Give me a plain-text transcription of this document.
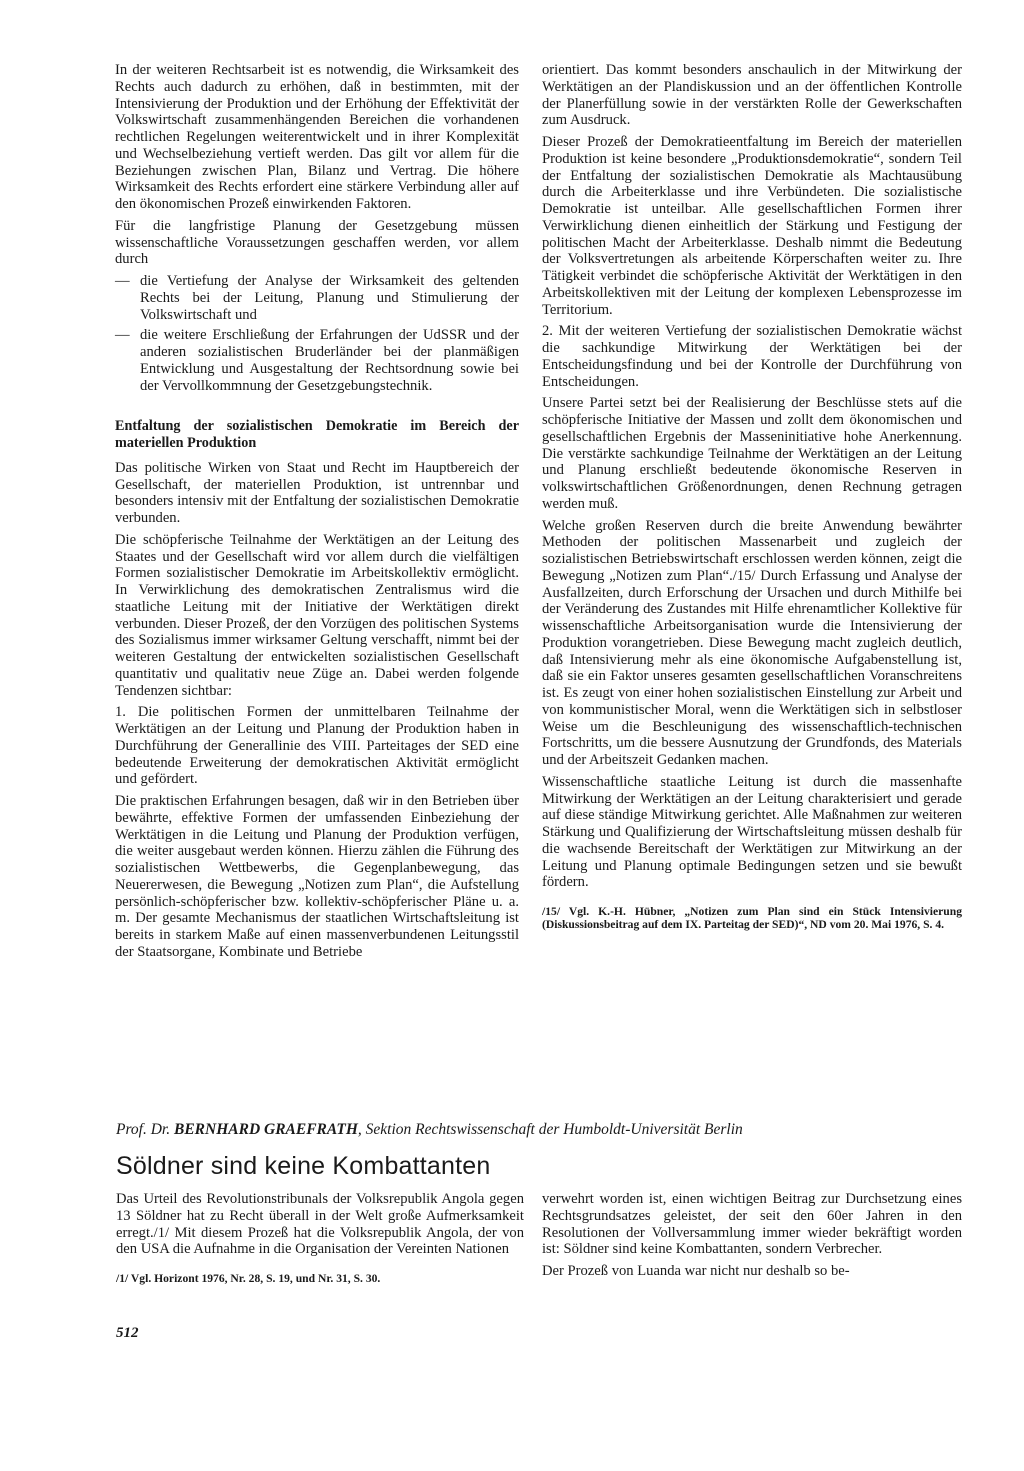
In der weiteren Rechtsarbeit ist es notwendig, die Wirksamkeit des Rechts auch dadurch zu erhöhen, daß in bestimmten, mit der Intensivierung der Produktion und der Erhöhung der Effektivität der Volkswirtschaft zusammenhängenden Bereichen die vorhandenen rechtlichen Regelungen weiterentwickelt und in ihrer Komplexität und Wechselbeziehung vertieft werden. Das gilt vor allem für die Beziehungen zwischen Plan, Bilanz und Vertrag. Die höhere Wirksamkeit des Rechts erfordert eine stärkere Verbindung aller auf den ökonomischen Prozeß einwirkenden Faktoren.

Für die langfristige Planung der Gesetzgebung müssen wissenschaftliche Voraussetzungen geschaffen werden, vor allem durch

— die Vertiefung der Analyse der Wirksamkeit des geltenden Rechts bei der Leitung, Planung und Stimulierung der Volkswirtschaft und
— die weitere Erschließung der Erfahrungen der UdSSR und der anderen sozialistischen Bruderländer bei der planmäßigen Entwicklung und Ausgestaltung der Rechtsordnung sowie bei der Vervollkommnung der Gesetzgebungstechnik.

Entfaltung der sozialistischen Demokratie im Bereich der materiellen Produktion

Das politische Wirken von Staat und Recht im Hauptbereich der Gesellschaft, der materiellen Produktion, ist untrennbar und besonders intensiv mit der Entfaltung der sozialistischen Demokratie verbunden.

Die schöpferische Teilnahme der Werktätigen an der Leitung des Staates und der Gesellschaft wird vor allem durch die vielfältigen Formen sozialistischer Demokratie im Arbeitskollektiv ermöglicht. In Verwirklichung des demokratischen Zentralismus wird die staatliche Leitung mit der Initiative der Werktätigen direkt verbunden. Dieser Prozeß, der den Vorzügen des politischen Systems des Sozialismus immer wirksamer Geltung verschafft, nimmt bei der weiteren Gestaltung der entwickelten sozialistischen Gesellschaft quantitativ und qualitativ neue Züge an. Dabei werden folgende Tendenzen sichtbar:

1. Die politischen Formen der unmittelbaren Teilnahme der Werktätigen an der Leitung und Planung der Produktion haben in Durchführung der Generallinie des VIII. Parteitages der SED eine bedeutende Erweiterung der demokratischen Aktivität ermöglicht und gefördert.

Die praktischen Erfahrungen besagen, daß wir in den Betrieben über bewährte, effektive Formen der umfassenden Einbeziehung der Werktätigen in die Leitung und Planung der Produktion verfügen, die weiter ausgebaut werden können. Hierzu zählen die Führung des sozialistischen Wettbewerbs, die Gegenplanbewegung, das Neuererwesen, die Bewegung „Notizen zum Plan“, die Aufstellung persönlich-schöpferischer bzw. kollektiv-schöpferischer Pläne u. a. m. Der gesamte Mechanismus der staatlichen Wirtschaftsleitung ist bereits in starkem Maße auf einen massenverbundenen Leitungsstil der Staatsorgane, Kombinate und Betriebe

orientiert. Das kommt besonders anschaulich in der Mitwirkung der Werktätigen an der Plandiskussion und an der öffentlichen Kontrolle der Planerfüllung sowie in der verstärkten Rolle der Gewerkschaften zum Ausdruck.

Dieser Prozeß der Demokratieentfaltung im Bereich der materiellen Produktion ist keine besondere „Produktionsdemokratie“, sondern Teil der Entfaltung der sozialistischen Demokratie als Machtausübung durch die Arbeiterklasse und ihre Verbündeten. Die sozialistische Demokratie ist unteilbar. Alle gesellschaftlichen Formen ihrer Verwirklichung dienen einheitlich der Stärkung und Festigung der politischen Macht der Arbeiterklasse. Deshalb nimmt die Bedeutung der Volksvertretungen als arbeitende Körperschaften weiter zu. Ihre Tätigkeit verbindet die schöpferische Aktivität der Werktätigen in den Arbeitskollektiven mit der Leitung der komplexen Lebensprozesse im Territorium.

2. Mit der weiteren Vertiefung der sozialistischen Demokratie wächst die sachkundige Mitwirkung der Werktätigen bei der Entscheidungsfindung und bei der Kontrolle der Durchführung von Entscheidungen.

Unsere Partei setzt bei der Realisierung der Beschlüsse stets auf die schöpferische Initiative der Massen und zollt dem ökonomischen und gesellschaftlichen Ergebnis der Masseninitiative hohe Anerkennung. Die verstärkte sachkundige Teilnahme der Werktätigen an der Leitung und Planung erschließt bedeutende ökonomische Reserven in volkswirtschaftlichen Größenordnungen, denen Rechnung getragen werden muß.

Welche großen Reserven durch die breite Anwendung bewährter Methoden der politischen Massenarbeit und zugleich der sozialistischen Betriebswirtschaft erschlossen werden können, zeigt die Bewegung „Notizen zum Plan“./15/ Durch Erfassung und Analyse der Ausfallzeiten, durch Erforschung der Ursachen und durch Mithilfe bei der Veränderung des Zustandes mit Hilfe ehrenamtlicher Kollektive für wissenschaftliche Arbeitsorganisation wurde die Intensivierung der Produktion vorangetrieben. Diese Bewegung macht zugleich deutlich, daß Intensivierung mehr als eine ökonomische Aufgabenstellung ist, daß sie ein Faktor unseres gesamten gesellschaftlichen Voranschreitens ist. Es zeugt von einer hohen sozialistischen Einstellung zur Arbeit und von kommunistischer Moral, wenn die Werktätigen sich in selbstloser Weise um die Beschleunigung des wissenschaftlich-technischen Fortschritts, um die bessere Ausnutzung der Grundfonds, des Materials und der Arbeitszeit Gedanken machen.

Wissenschaftliche staatliche Leitung ist durch die massenhafte Mitwirkung der Werktätigen an der Leitung charakterisiert und gerade auf diese ständige Mitwirkung gerichtet. Alle Maßnahmen zur weiteren Stärkung und Qualifizierung der Wirtschaftsleitung müssen deshalb für die wachsende Bereitschaft der Werktätigen zur Mitwirkung an der Leitung und Planung optimale Bedingungen setzen und sie bewußt fördern.

/15/ Vgl. K.-H. Hübner, „Notizen zum Plan sind ein Stück Intensivierung (Diskussionsbeitrag auf dem IX. Parteitag der SED)“, ND vom 20. Mai 1976, S. 4.

Prof. Dr. BERNHARD GRAEFRATH, Sektion Rechtswissenschaft der Humboldt-Universität Berlin
Söldner sind keine Kombattanten

Das Urteil des Revolutionstribunals der Volksrepublik Angola gegen 13 Söldner hat zu Recht überall in der Welt große Aufmerksamkeit erregt./1/ Mit diesem Prozeß hat die Volksrepublik Angola, der von den USA die Aufnahme in die Organisation der Vereinten Nationen

/1/ Vgl. Horizont 1976, Nr. 28, S. 19, und Nr. 31, S. 30.

verwehrt worden ist, einen wichtigen Beitrag zur Durchsetzung eines Rechtsgrundsatzes geleistet, der seit den 60er Jahren in den Resolutionen der Vollversammlung immer wieder bekräftigt worden ist: Söldner sind keine Kombattanten, sondern Verbrecher.

Der Prozeß von Luanda war nicht nur deshalb so be-

512
